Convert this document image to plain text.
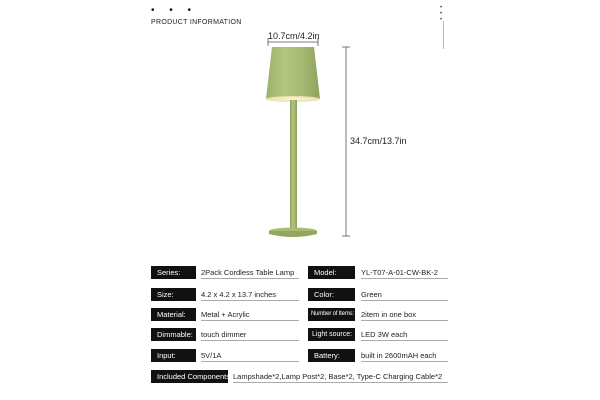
• • •
PRODUCT INFORMATION
• • •
10.7cm/4.2in
34.7cm/13.7in
Series:	2Pack Cordless Table Lamp
Size:	4.2 x 4.2 x 13.7 inches
Material:	Metal + Acrylic
Dimmable:	touch dimmer
Input:	5V/1A
Model:	YL-T07-A-01-CW-BK-2
Color:	Green
Number of Items: 2item in one box
Light source:	LED 3W each
Battery:	built in 2600mAH each
Included Components: Lampshade*2,Lamp Post*2, Base*2, Type-C Charging Cable*2
